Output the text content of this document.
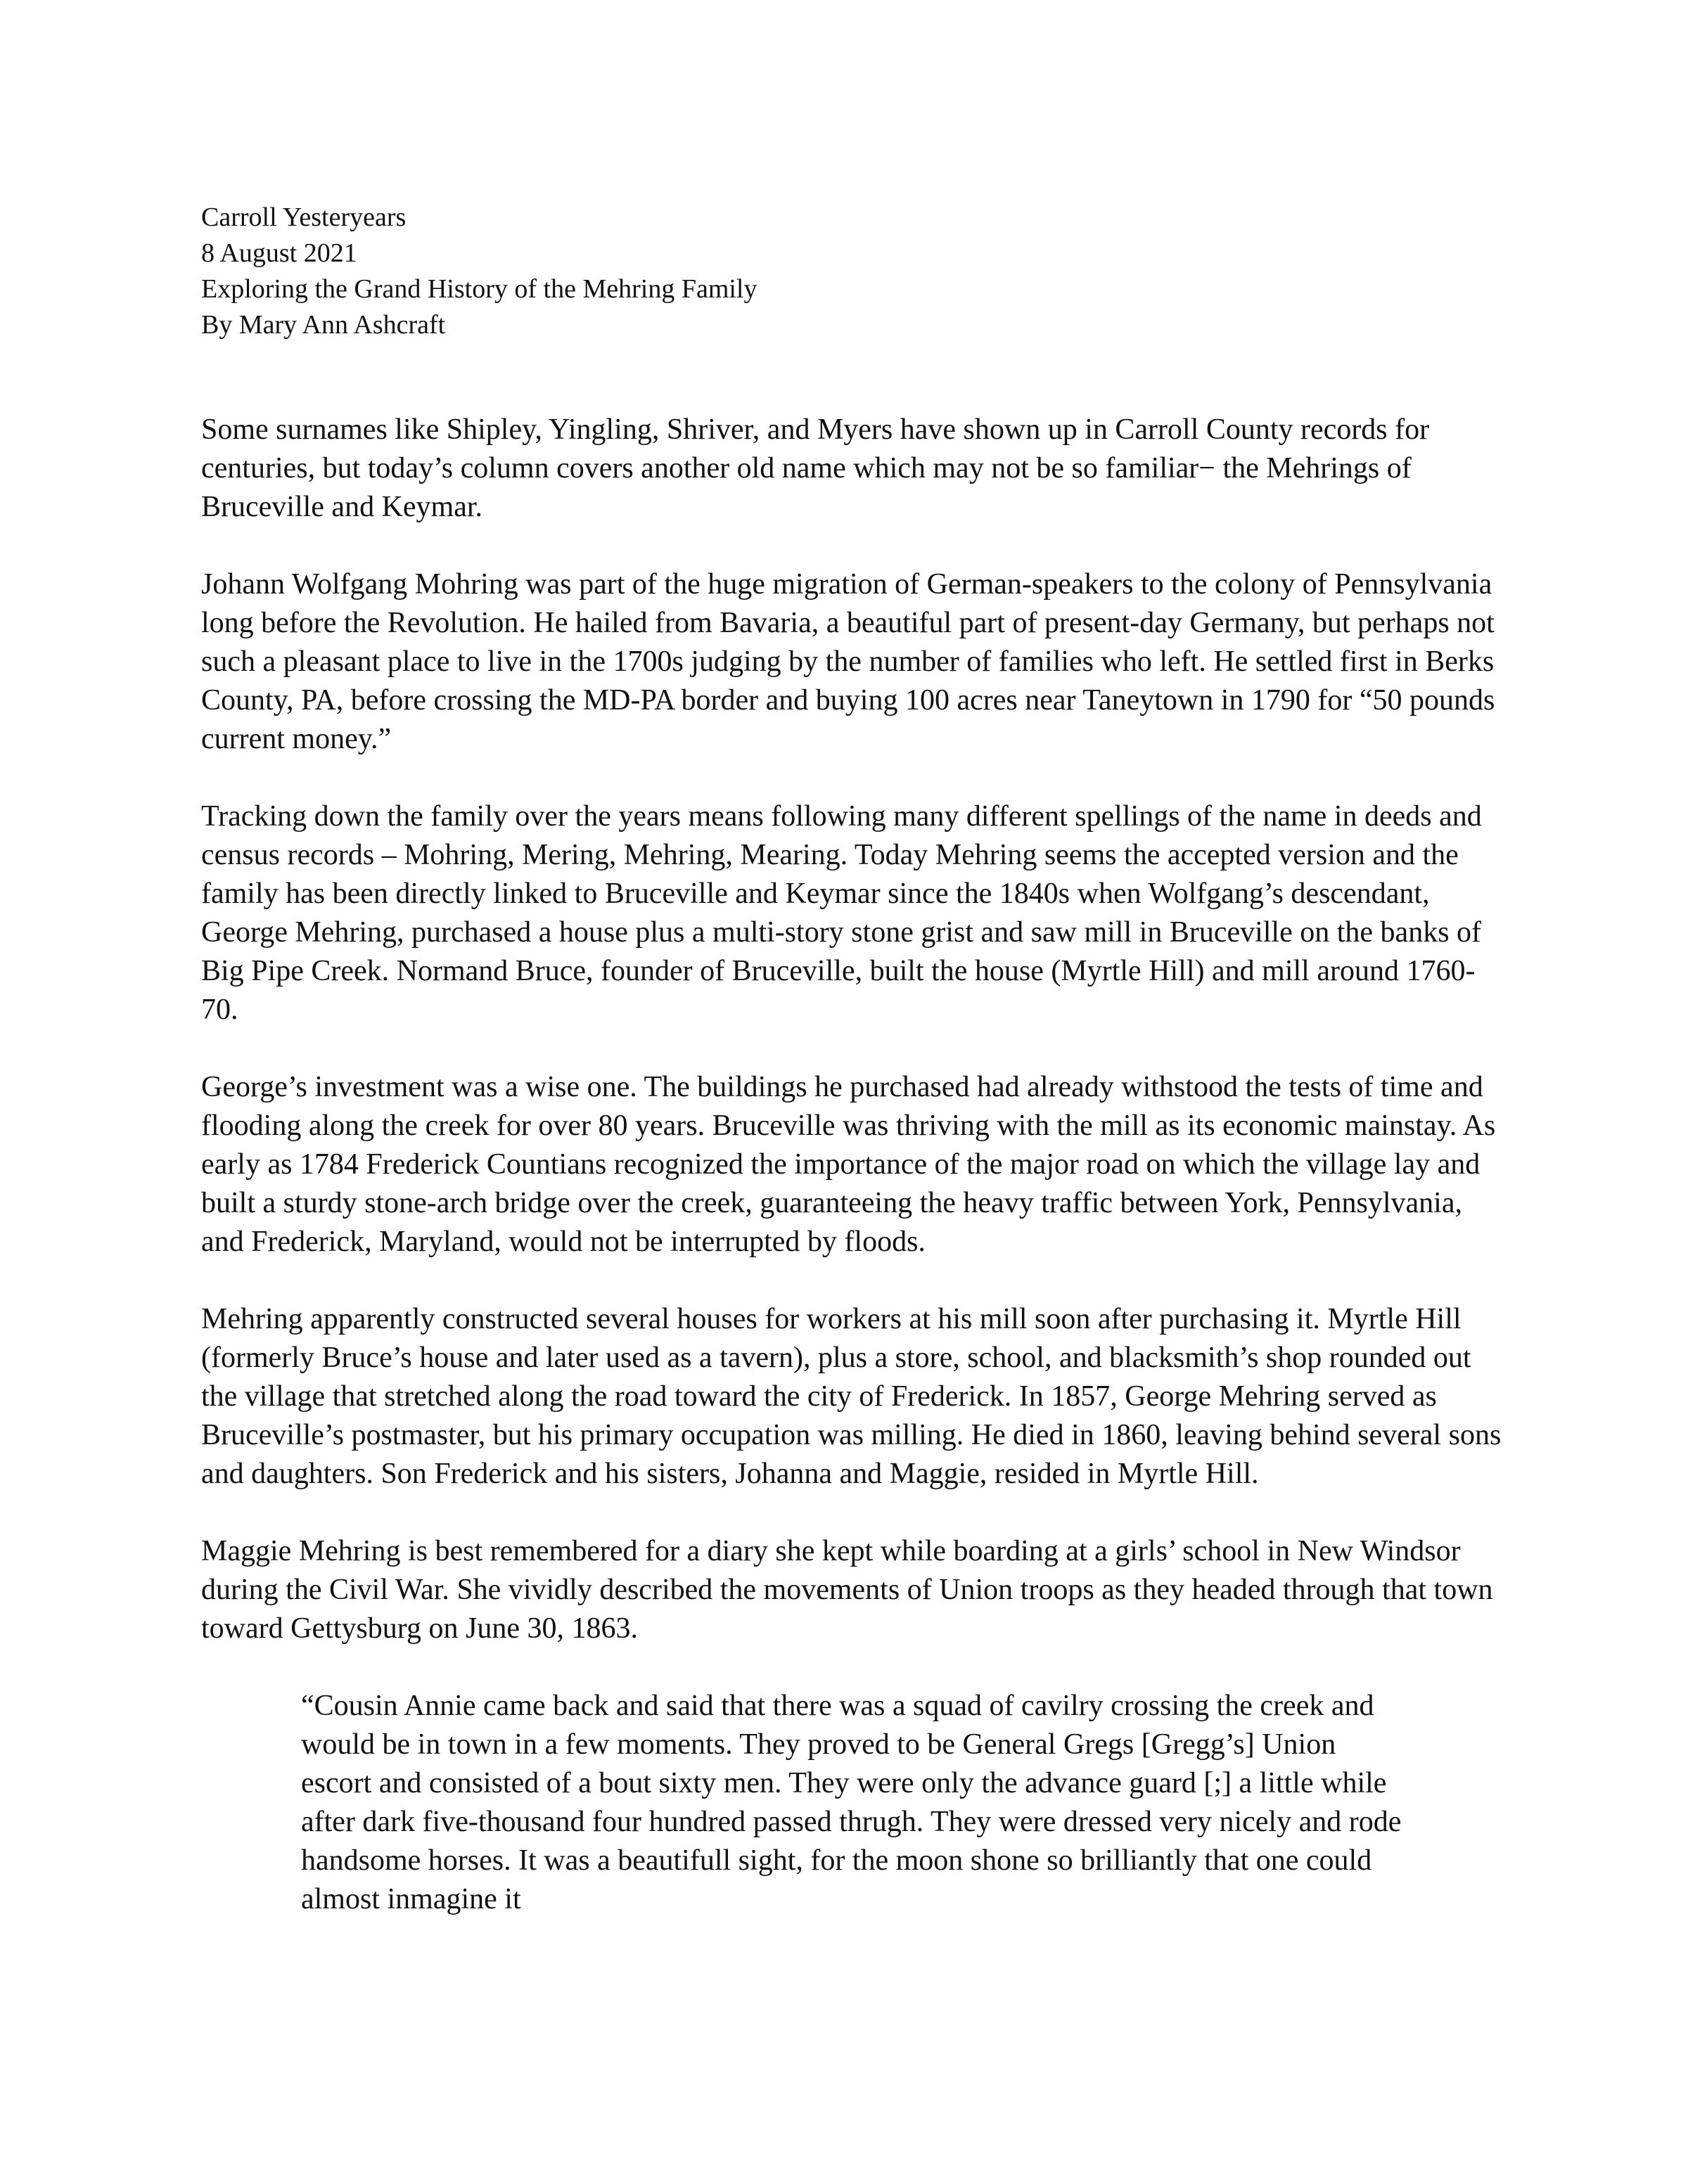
Carroll Yesteryears
8 August 2021
Exploring the Grand History of the Mehring Family
By Mary Ann Ashcraft

Some surnames like Shipley, Yingling, Shriver, and Myers have shown up in Carroll County records for centuries, but today’s column covers another old name which may not be so familiar− the Mehrings of Bruceville and Keymar.

Johann Wolfgang Mohring was part of the huge migration of German-speakers to the colony of Pennsylvania long before the Revolution. He hailed from Bavaria, a beautiful part of present-day Germany, but perhaps not such a pleasant place to live in the 1700s judging by the number of families who left. He settled first in Berks County, PA, before crossing the MD-PA border and buying 100 acres near Taneytown in 1790 for “50 pounds current money.”

Tracking down the family over the years means following many different spellings of the name in deeds and census records – Mohring, Mering, Mehring, Mearing. Today Mehring seems the accepted version and the family has been directly linked to Bruceville and Keymar since the 1840s when Wolfgang’s descendant, George Mehring, purchased a house plus a multi-story stone grist and saw mill in Bruceville on the banks of Big Pipe Creek. Normand Bruce, founder of Bruceville, built the house (Myrtle Hill) and mill around 1760-70.

George’s investment was a wise one. The buildings he purchased had already withstood the tests of time and flooding along the creek for over 80 years. Bruceville was thriving with the mill as its economic mainstay. As early as 1784 Frederick Countians recognized the importance of the major road on which the village lay and built a sturdy stone-arch bridge over the creek, guaranteeing the heavy traffic between York, Pennsylvania, and Frederick, Maryland, would not be interrupted by floods.

Mehring apparently constructed several houses for workers at his mill soon after purchasing it. Myrtle Hill (formerly Bruce’s house and later used as a tavern), plus a store, school, and blacksmith’s shop rounded out the village that stretched along the road toward the city of Frederick. In 1857, George Mehring served as Bruceville’s postmaster, but his primary occupation was milling. He died in 1860, leaving behind several sons and daughters. Son Frederick and his sisters, Johanna and Maggie, resided in Myrtle Hill.

Maggie Mehring is best remembered for a diary she kept while boarding at a girls’ school in New Windsor during the Civil War. She vividly described the movements of Union troops as they headed through that town toward Gettysburg on June 30, 1863.

“Cousin Annie came back and said that there was a squad of cavilry crossing the creek and would be in town in a few moments. They proved to be General Gregs [Gregg’s] Union escort and consisted of a bout sixty men. They were only the advance guard [;] a little while after dark five-thousand four hundred passed thrugh. They were dressed very nicely and rode handsome horses. It was a beautifull sight, for the moon shone so brilliantly that one could almost inmagine it
